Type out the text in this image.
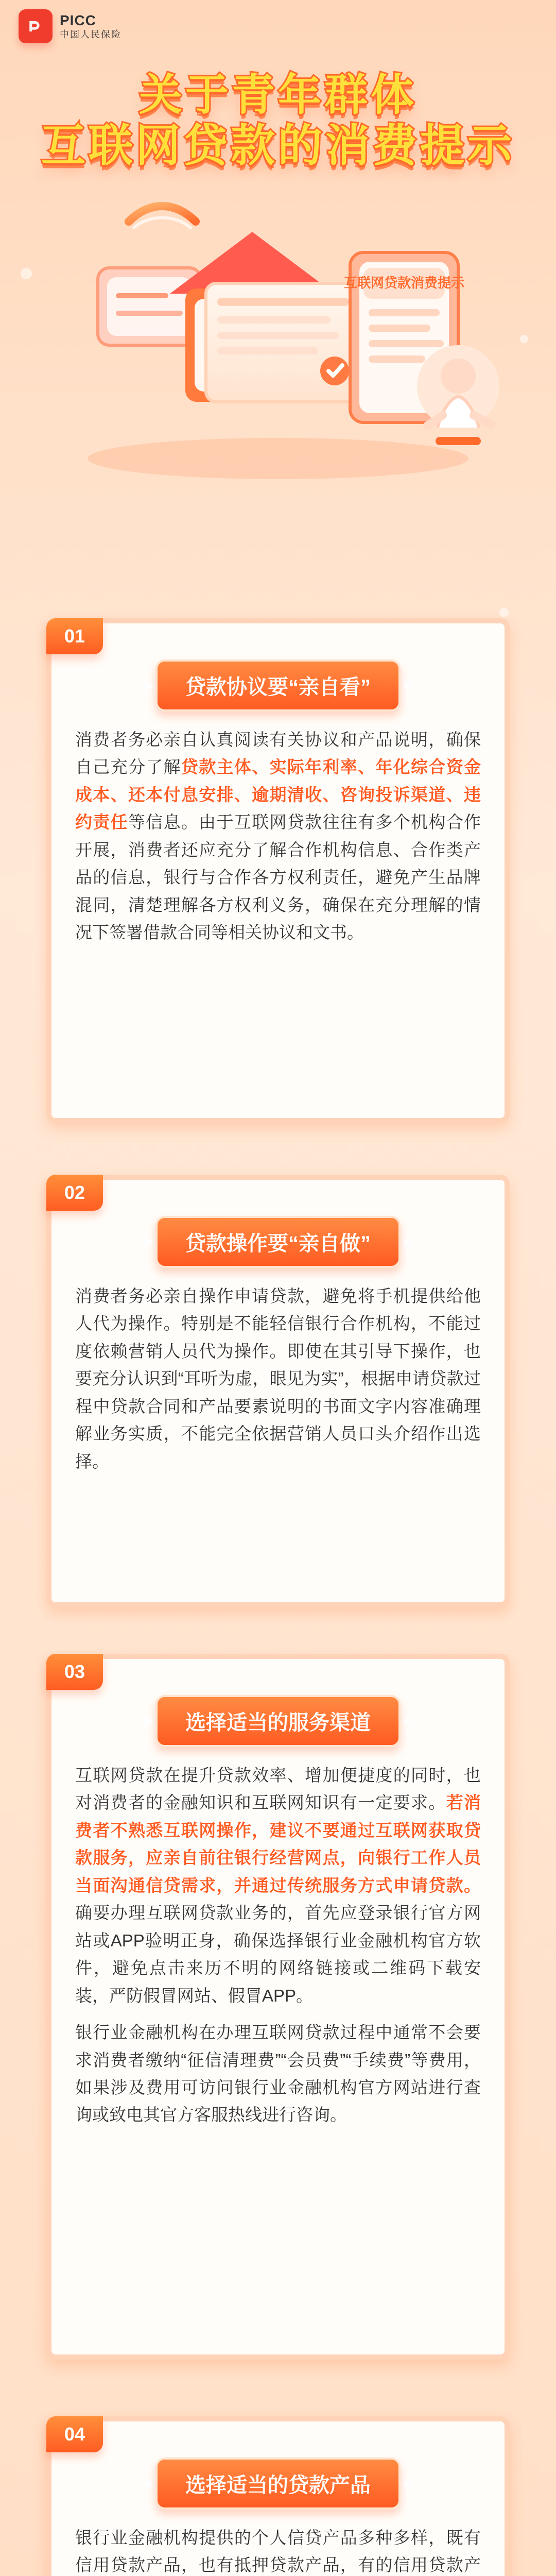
PICC
中国人民保险
关于青年群体
互联网贷款的消费提示
互联网贷款消费提示
01
贷款协议要“亲自看”
消费者务必亲自认真阅读有关协议和产品说明，确保自己充分了解贷款主体、实际年利率、年化综合资金成本、还本付息安排、逾期清收、咨询投诉渠道、违约责任等信息。由于互联网贷款往往有多个机构合作开展，消费者还应充分了解合作机构信息、合作类产品的信息，银行与合作各方权利责任，避免产生品牌混同，清楚理解各方权利义务，确保在充分理解的情况下签署借款合同等相关协议和文书。
02
贷款操作要“亲自做”
消费者务必亲自操作申请贷款，避免将手机提供给他人代为操作。特别是不能轻信银行合作机构，不能过度依赖营销人员代为操作。即使在其引导下操作，也要充分认识到“耳听为虚，眼见为实”，根据申请贷款过程中贷款合同和产品要素说明的书面文字内容准确理解业务实质，不能完全依据营销人员口头介绍作出选择。
03
选择适当的服务渠道
互联网贷款在提升贷款效率、增加便捷度的同时，也对消费者的金融知识和互联网知识有一定要求。若消费者不熟悉互联网操作，建议不要通过互联网获取贷款服务，应亲自前往银行经营网点，向银行工作人员当面沟通信贷需求，并通过传统服务方式申请贷款。确要办理互联网贷款业务的，首先应登录银行官方网站或APP验明正身，确保选择银行业金融机构官方软件，避免点击来历不明的网络链接或二维码下载安装，严防假冒网站、假冒APP。
银行业金融机构在办理互联网贷款过程中通常不会要求消费者缴纳“征信清理费”“会员费”“手续费”等费用，如果涉及费用可访问银行业金融机构官方网站进行查询或致电其官方客服热线进行咨询。
04
选择适当的贷款产品
银行业金融机构提供的个人信贷产品多种多样，既有信用贷款产品，也有抵押贷款产品，有的信用贷款产
